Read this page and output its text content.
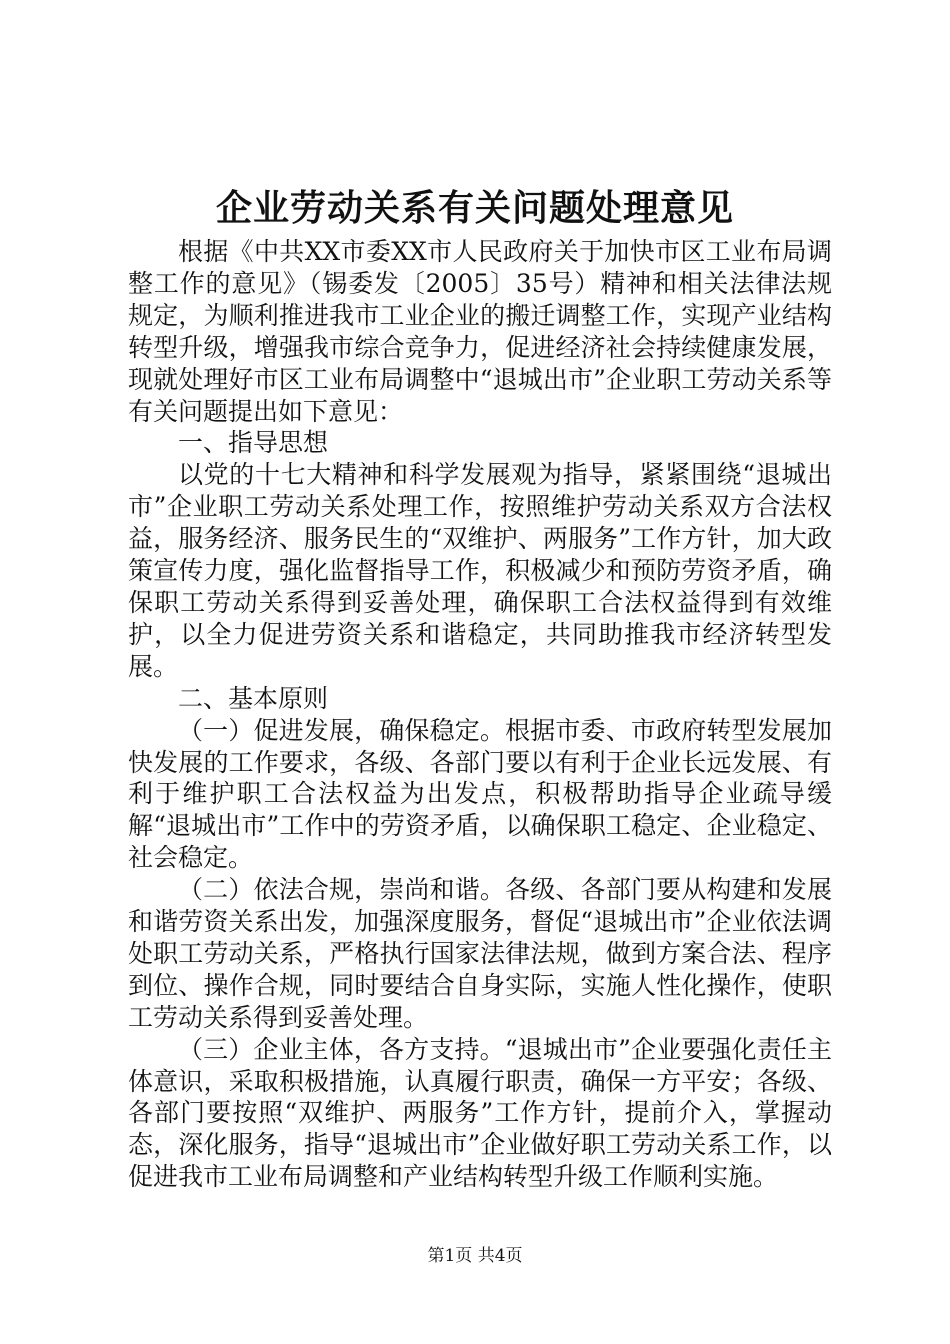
企业劳动关系有关问题处理意见

根据《中共XX市委XX市人民政府关于加快市区工业布局调整工作的意见》（锡委发〔2005〕35号）精神和相关法律法规规定，为顺利推进我市工业企业的搬迁调整工作，实现产业结构转型升级，增强我市综合竞争力，促进经济社会持续健康发展，现就处理好市区工业布局调整中“退城出市”企业职工劳动关系等有关问题提出如下意见：

一、指导思想

以党的十七大精神和科学发展观为指导，紧紧围绕“退城出市”企业职工劳动关系处理工作，按照维护劳动关系双方合法权益，服务经济、服务民生的“双维护、两服务”工作方针，加大政策宣传力度，强化监督指导工作，积极减少和预防劳资矛盾，确保职工劳动关系得到妥善处理，确保职工合法权益得到有效维护，以全力促进劳资关系和谐稳定，共同助推我市经济转型发展。

二、基本原则

（一）促进发展，确保稳定。根据市委、市政府转型发展加快发展的工作要求，各级、各部门要以有利于企业长远发展、有利于维护职工合法权益为出发点，积极帮助指导企业疏导缓解“退城出市”工作中的劳资矛盾，以确保职工稳定、企业稳定、社会稳定。

（二）依法合规，崇尚和谐。各级、各部门要从构建和发展和谐劳资关系出发，加强深度服务，督促“退城出市”企业依法调处职工劳动关系，严格执行国家法律法规，做到方案合法、程序到位、操作合规，同时要结合自身实际，实施人性化操作，使职工劳动关系得到妥善处理。

（三）企业主体，各方支持。“退城出市”企业要强化责任主体意识，采取积极措施，认真履行职责，确保一方平安；各级、各部门要按照“双维护、两服务”工作方针，提前介入，掌握动态，深化服务，指导“退城出市”企业做好职工劳动关系工作，以促进我市工业布局调整和产业结构转型升级工作顺利实施。

第1页 共4页
